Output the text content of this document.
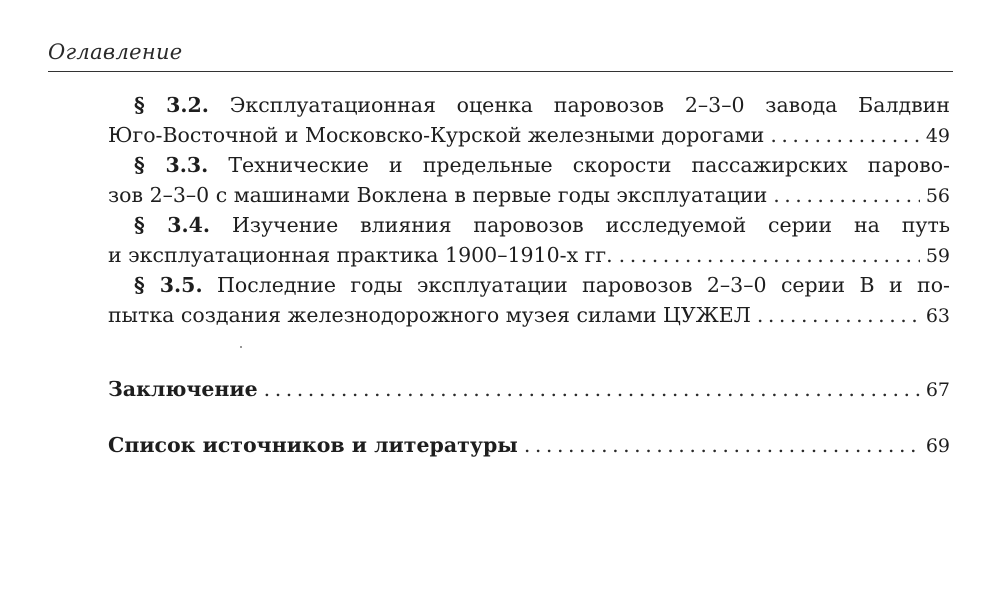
Оглавление
§ 3.2. Эксплуатационная оценка паровозов 2–3–0 завода Балдвин
Юго-Восточной и Московско-Курской железными дорогами . . .	49
§ 3.3. Технические и предельные скорости пассажирских парово-
зов 2–3–0 с машинами Воклена в первые годы эксплуатации . . .	56
§ 3.4. Изучение влияния паровозов исследуемой серии на путь
и эксплуатационная практика 1900–1910-х гг. . . .	59
§ 3.5. Последние годы эксплуатации паровозов 2–3–0 серии В и по-
пытка создания железнодорожного музея силами ЦУЖЕЛ . . .	63
Заключение . . .	67
Список источников и литературы . . .	69
